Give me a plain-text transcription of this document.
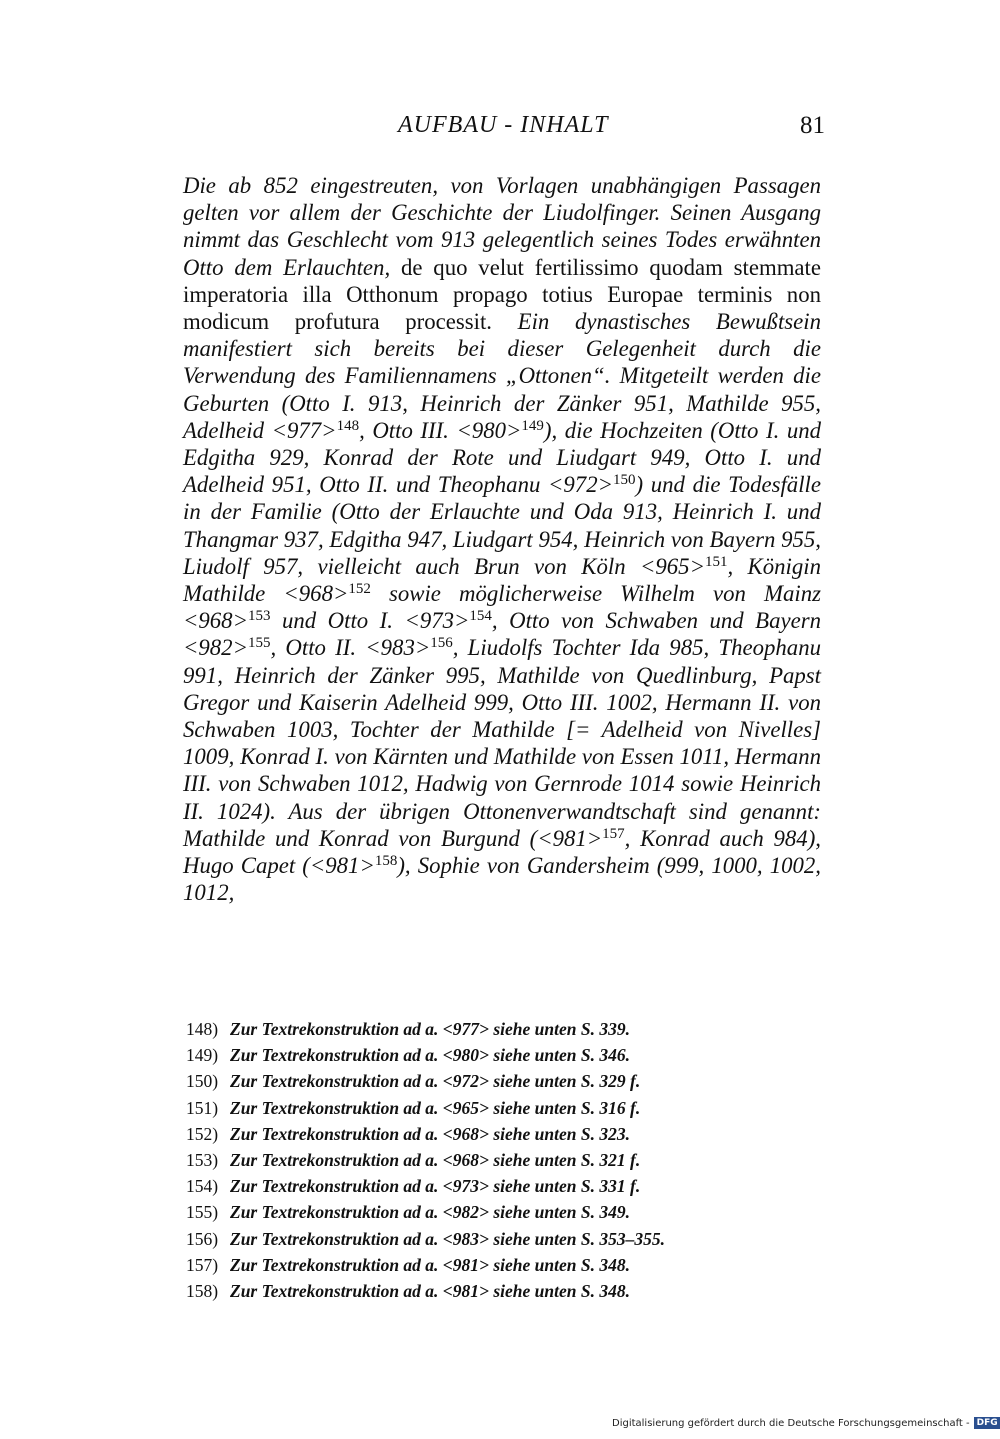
AUFBAU - INHALT	81
Die ab 852 eingestreuten, von Vorlagen unabhängigen Passagen gelten vor allem der Geschichte der Liudolfinger. Seinen Ausgang nimmt das Geschlecht vom 913 gelegentlich seines Todes erwähnten Otto dem Erlauchten, de quo velut fertilissimo quodam stemmate imperatoria illa Otthonum propago totius Europae terminis non modicum profutura processit. Ein dynastisches Bewußtsein manifestiert sich bereits bei dieser Gelegenheit durch die Verwendung des Familiennamens „Ottonen“. Mitgeteilt werden die Geburten (Otto I. 913, Heinrich der Zänker 951, Mathilde 955, Adelheid <977>$^{148}$, Otto III. <980>$^{149}$), die Hochzeiten (Otto I. und Edgitha 929, Konrad der Rote und Liudgart 949, Otto I. und Adelheid 951, Otto II. und Theophanu <972>$^{150}$) und die Todesfälle in der Familie (Otto der Erlauchte und Oda 913, Heinrich I. und Thangmar 937, Edgitha 947, Liudgart 954, Heinrich von Bayern 955, Liudolf 957, vielleicht auch Brun von Köln <965>$^{151}$, Königin Mathilde <968>$^{152}$ sowie möglicherweise Wilhelm von Mainz <968>$^{153}$ und Otto I. <973>$^{154}$, Otto von Schwaben und Bayern <982>$^{155}$, Otto II. <983>$^{156}$, Liudolfs Tochter Ida 985, Theophanu 991, Heinrich der Zänker 995, Mathilde von Quedlinburg, Papst Gregor und Kaiserin Adelheid 999, Otto III. 1002, Hermann II. von Schwaben 1003, Tochter der Mathilde [= Adelheid von Nivelles] 1009, Konrad I. von Kärnten und Mathilde von Essen 1011, Hermann III. von Schwaben 1012, Hadwig von Gernrode 1014 sowie Heinrich II. 1024). Aus der übrigen Ottonenverwandtschaft sind genannt: Mathilde und Konrad von Burgund (<981>$^{157}$, Konrad auch 984), Hugo Capet (<981>$^{158}$), Sophie von Gandersheim (999, 1000, 1002, 1012,
148) Zur Textrekonstruktion ad a. <977> siehe unten S. 339.
149) Zur Textrekonstruktion ad a. <980> siehe unten S. 346.
150) Zur Textrekonstruktion ad a. <972> siehe unten S. 329 f.
151) Zur Textrekonstruktion ad a. <965> siehe unten S. 316 f.
152) Zur Textrekonstruktion ad a. <968> siehe unten S. 323.
153) Zur Textrekonstruktion ad a. <968> siehe unten S. 321 f.
154) Zur Textrekonstruktion ad a. <973> siehe unten S. 331 f.
155) Zur Textrekonstruktion ad a. <982> siehe unten S. 349.
156) Zur Textrekonstruktion ad a. <983> siehe unten S. 353–355.
157) Zur Textrekonstruktion ad a. <981> siehe unten S. 348.
158) Zur Textrekonstruktion ad a. <981> siehe unten S. 348.
Digitalisierung gefördert durch die Deutsche Forschungsgemeinschaft - DFG
